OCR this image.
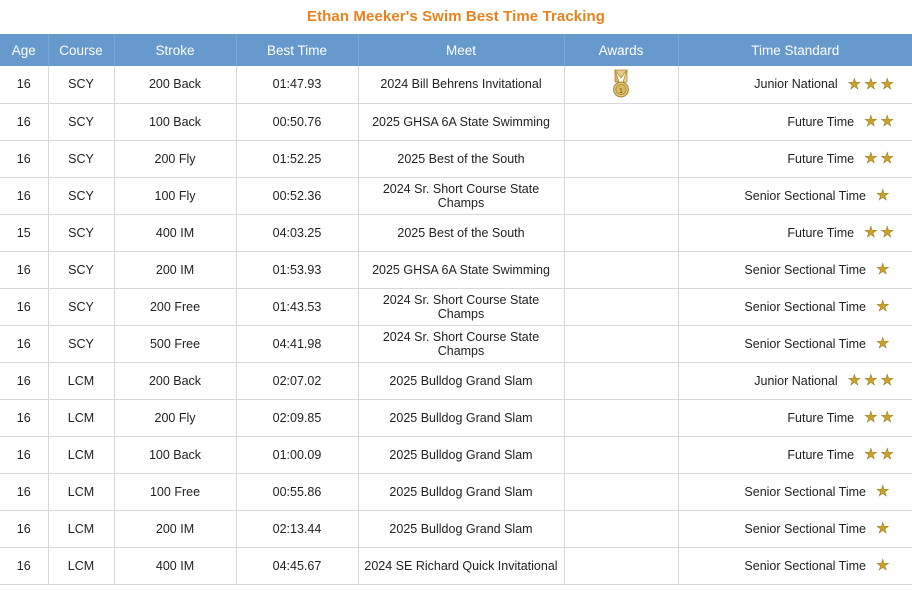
Ethan Meeker's Swim Best Time Tracking
Age	Course	Stroke	Best Time	Meet	Awards	Time Standard
16	SCY	200 Back	01:47.93	2024 Bill Behrens Invitational	1	Junior National ★ ★ ★

16	SCY	100 Back	00:50.76	2025 GHSA 6A State Swimming		Future Time ★ ★

16	SCY	200 Fly	01:52.25	2025 Best of the South		Future Time ★ ★

16	SCY	100 Fly	00:52.36	2024 Sr. Short Course State Champs		Senior Sectional Time ★

15	SCY	400 IM	04:03.25	2025 Best of the South		Future Time ★ ★

16	SCY	200 IM	01:53.93	2025 GHSA 6A State Swimming		Senior Sectional Time ★

16	SCY	200 Free	01:43.53	2024 Sr. Short Course State Champs		Senior Sectional Time ★

16	SCY	500 Free	04:41.98	2024 Sr. Short Course State Champs		Senior Sectional Time ★

16	LCM	200 Back	02:07.02	2025 Bulldog Grand Slam		Junior National ★ ★ ★

16	LCM	200 Fly	02:09.85	2025 Bulldog Grand Slam		Future Time ★ ★

16	LCM	100 Back	01:00.09	2025 Bulldog Grand Slam		Future Time ★ ★

16	LCM	100 Free	00:55.86	2025 Bulldog Grand Slam		Senior Sectional Time ★

16	LCM	200 IM	02:13.44	2025 Bulldog Grand Slam		Senior Sectional Time ★

16	LCM	400 IM	04:45.67	2024 SE Richard Quick Invitational		Senior Sectional Time ★
